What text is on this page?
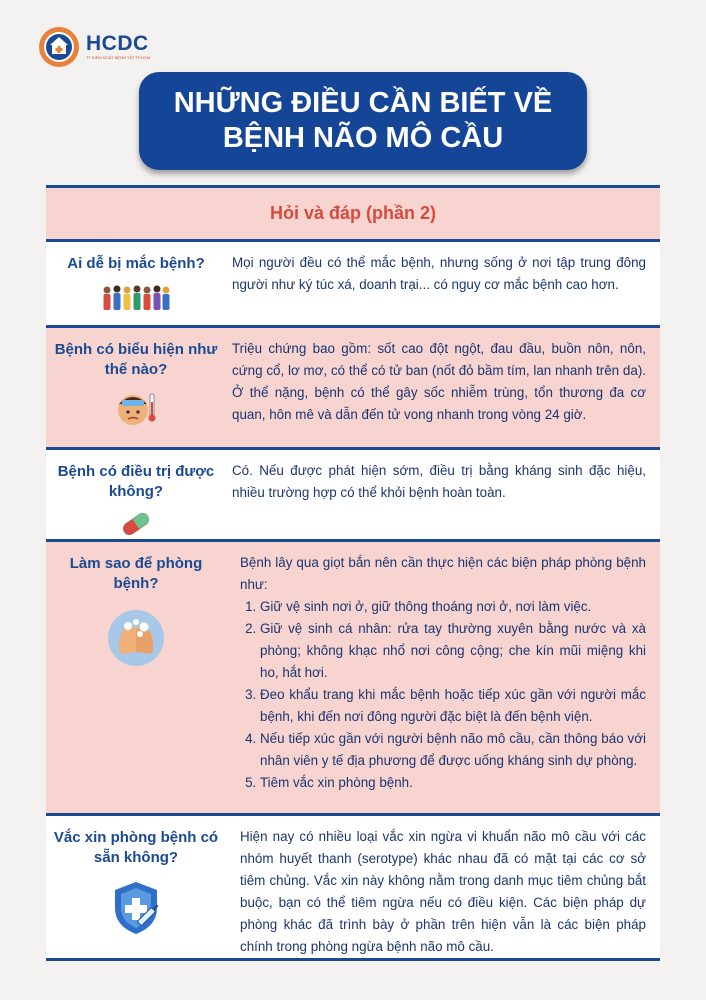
HCDC
TT KIỂM SOÁT BỆNH TẬT TP.HCM
NHỮNG ĐIỀU CẦN BIẾT VỀ
BỆNH NÃO MÔ CẦU
Hỏi và đáp (phần 2)
Ai dễ bị mắc bệnh? Mọi người đều có thể mắc bệnh, nhưng sống ở nơi tập trung đông người như ký túc xá, doanh trại... có nguy cơ mắc bệnh cao hơn.

Bệnh có biểu hiện như thế nào?

Triệu chứng bao gồm: sốt cao đột ngột, đau đầu, buồn nôn, nôn, cứng cổ, lơ mơ, có thể có tử ban (nốt đỏ bầm tím, lan nhanh trên da). Ở thể nặng, bệnh có thể gây sốc nhiễm trùng, tổn thương đa cơ quan, hôn mê và dẫn đến tử vong nhanh trong vòng 24 giờ.

Bệnh có điều trị được không?

Có. Nếu được phát hiện sớm, điều trị bằng kháng sinh đặc hiệu, nhiều trường hợp có thể khỏi bệnh hoàn toàn.

Làm sao để phòng bệnh?

Bệnh lây qua giọt bắn nên cần thực hiện các biện pháp phòng bệnh như:

1. Giữ vệ sinh nơi ở, giữ thông thoáng nơi ở, nơi làm việc.
2. Giữ vệ sinh cá nhân: rửa tay thường xuyên bằng nước và xà phòng; không khạc nhổ nơi công cộng; che kín mũi miệng khi ho, hắt hơi.
3. Đeo khẩu trang khi mắc bệnh hoặc tiếp xúc gần với người mắc bệnh, khi đến nơi đông người đặc biệt là đến bệnh viện.
4. Nếu tiếp xúc gần với người bệnh não mô cầu, cần thông báo với nhân viên y tế địa phương để được uống kháng sinh dự phòng.
5. Tiêm vắc xin phòng bệnh.
Vắc xin phòng bệnh có sẵn không?

Hiện nay có nhiều loại vắc xin ngừa vi khuẩn não mô cầu với các nhóm huyết thanh (serotype) khác nhau đã có mặt tại các cơ sở tiêm chủng. Vắc xin này không nằm trong danh mục tiêm chủng bắt buộc, bạn có thể tiêm ngừa nếu có điều kiện. Các biện pháp dự phòng khác đã trình bày ở phần trên hiện vẫn là các biện pháp chính trong phòng ngừa bệnh não mô cầu.
